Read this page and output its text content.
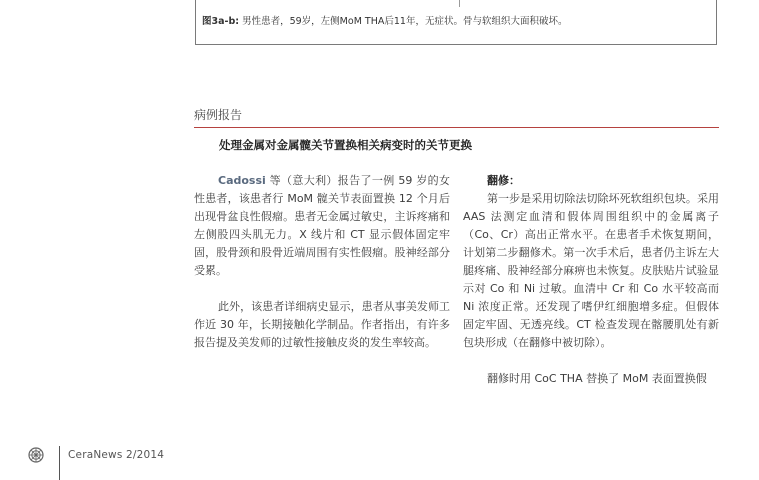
图3a-b: 男性患者，59岁，左侧MoM THA后11年，无症状。骨与软组织大面积破坏。
病例报告
处理金属对金属髋关节置换相关病变时的关节更换

Cadossi 等（意大利）报告了一例 59 岁的女性患者，该患者行 MoM 髋关节表面置换 12 个月后出现骨盆良性假瘤。患者无金属过敏史，主诉疼痛和左侧股四头肌无力。X 线片和 CT 显示假体固定牢固，股骨颈和股骨近端周围有实性假瘤。股神经部分受累。

此外，该患者详细病史显示，患者从事美发师工作近 30 年，长期接触化学制品。作者指出，有许多报告提及美发师的过敏性接触皮炎的发生率较高。

翻修：

第一步是采用切除法切除坏死软组织包块。采用 AAS 法测定血清和假体周围组织中的金属离子（Co、Cr）高出正常水平。在患者手术恢复期间，计划第二步翻修术。第一次手术后，患者仍主诉左大腿疼痛、股神经部分麻痹也未恢复。皮肤贴片试验显示对 Co 和 Ni 过敏。血清中 Cr 和 Co 水平较高而 Ni 浓度正常。还发现了嗜伊红细胞增多症。但假体固定牢固、无透亮线。CT 检查发现在髂腰肌处有新包块形成（在翻修中被切除）。

翻修时用 CoC THA 替换了 MoM 表面置换假

CeraNews 2/2014
